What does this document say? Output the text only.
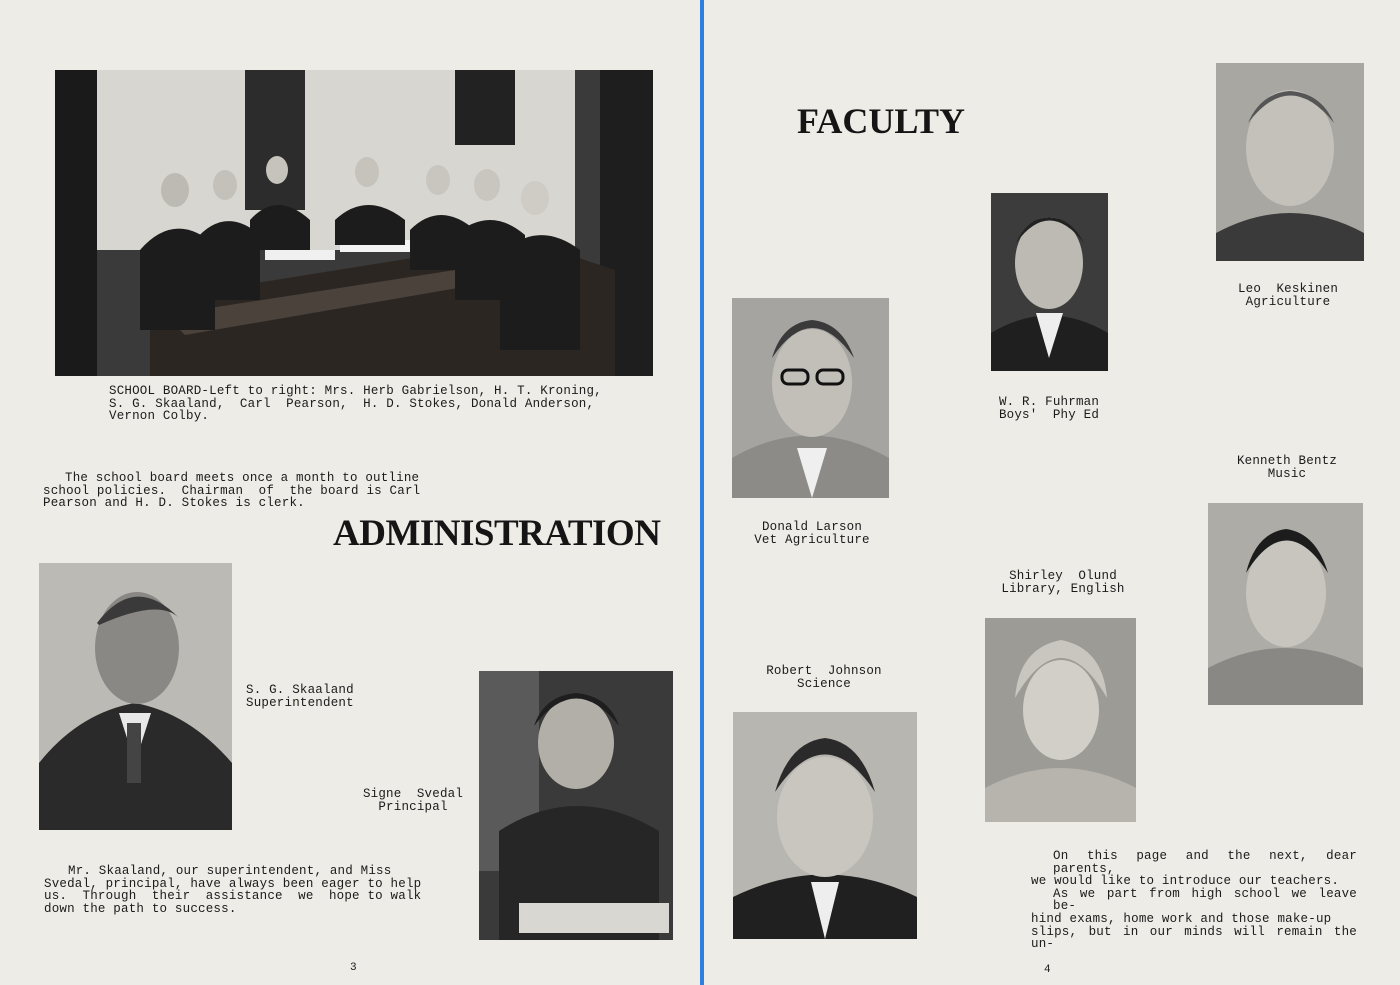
SCHOOL BOARD-Left to right: Mrs. Herb Gabrielson, H. T. Kroning,
S. G. Skaaland,  Carl  Pearson,  H. D. Stokes, Donald Anderson,
Vernon Colby.
The school board meets once a month to outline
school policies.  Chairman  of  the board is Carl
Pearson and H. D. Stokes is clerk.
ADMINISTRATION
S. G. Skaaland
Superintendent
Signe  Svedal
Principal
Mr. Skaaland, our superintendent, and Miss
Svedal, principal, have always been eager to help
us.  Through  their  assistance  we  hope to walk
down the path to success.
3
FACULTY
Leo  Keskinen
Agriculture
W. R. Fuhrman
Boys'  Phy Ed
Kenneth Bentz
Music
Donald Larson
Vet Agriculture
Shirley  Olund
Library, English
Robert  Johnson
Science
On this page and the next, dear parents,
we would like to introduce our teachers.
As we part from high school we leave be-
hind exams, home work and those make-up
slips, but in our minds will remain the un-
4
